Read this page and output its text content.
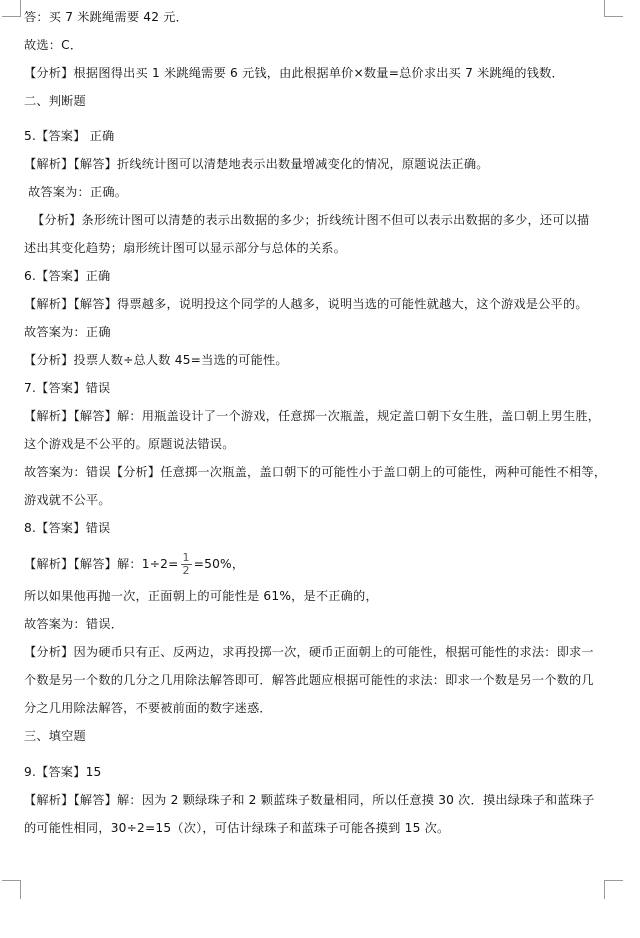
答：买 7 米跳绳需要 42 元．
故选：C．
【分析】根据图得出买 1 米跳绳需要 6 元钱，由此根据单价×数量=总价求出买 7 米跳绳的钱数．
二、判断题
5.【答案】 正确
【解析】【解答】折线统计图可以清楚地表示出数量增减变化的情况，原题说法正确。
故答案为：正确。
【分析】条形统计图可以清楚的表示出数据的多少；折线统计图不但可以表示出数据的多少，还可以描
述出其变化趋势；扇形统计图可以显示部分与总体的关系。
6.【答案】正确
【解析】【解答】得票越多，说明投这个同学的人越多，说明当选的可能性就越大，这个游戏是公平的。
故答案为：正确
【分析】投票人数÷总人数 45=当选的可能性。
7.【答案】错误
【解析】【解答】解：用瓶盖设计了一个游戏，任意掷一次瓶盖，规定盖口朝下女生胜，盖口朝上男生胜，
这个游戏是不公平的。原题说法错误。
故答案为：错误【分析】任意掷一次瓶盖，盖口朝下的可能性小于盖口朝上的可能性，两种可能性不相等，
游戏就不公平。
8.【答案】错误
【解析】【解答】解：$1\div 2= \frac{1}{2} =50\%$，
所以如果他再抛一次，正面朝上的可能性是 61%，是不正确的，
故答案为：错误．
【分析】因为硬币只有正、反两边，求再投掷一次，硬币正面朝上的可能性，根据可能性的求法：即求一
个数是另一个数的几分之几用除法解答即可．解答此题应根据可能性的求法：即求一个数是另一个数的几
分之几用除法解答，不要被前面的数字迷惑．
三、填空题
9.【答案】15
【解析】【解答】解：因为 2 颗绿珠子和 2 颗蓝珠子数量相同，所以任意摸 30 次．摸出绿珠子和蓝珠子
的可能性相同，30÷2=15（次），可估计绿珠子和蓝珠子可能各摸到 15 次。
